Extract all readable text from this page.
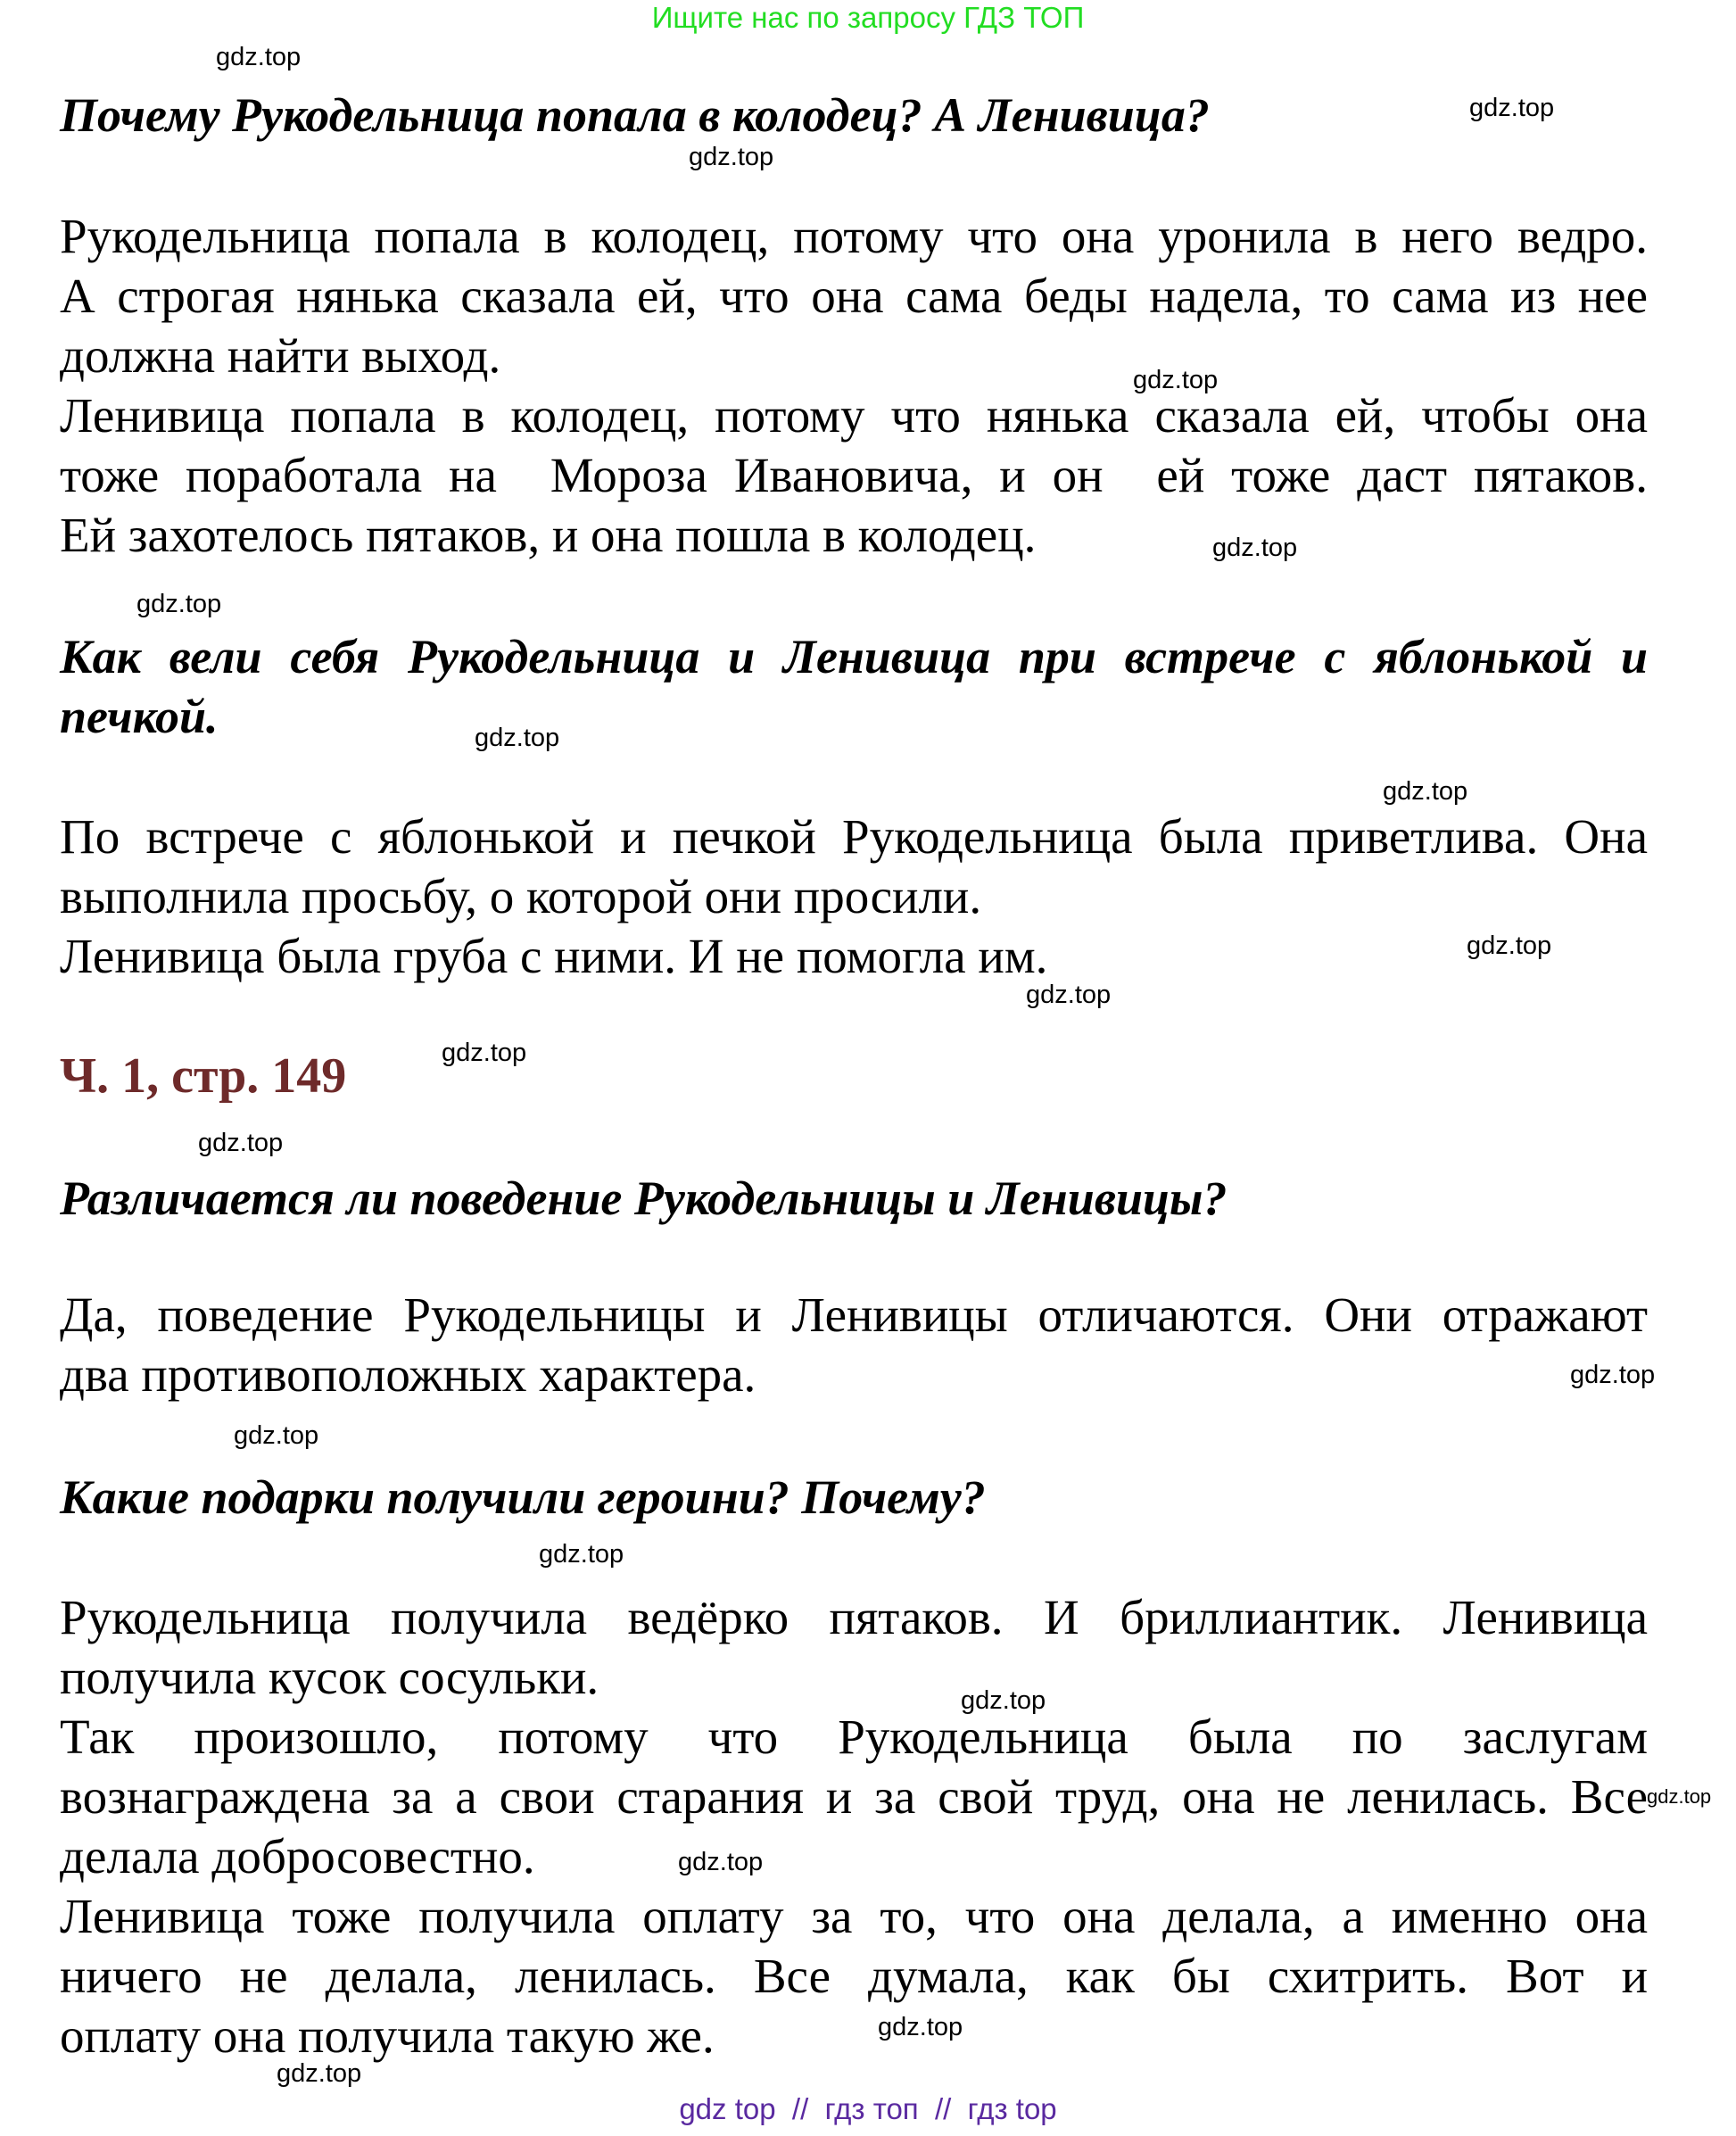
Ищите нас по запросу ГДЗ ТОП
Почему Рукодельница попала в колодец? А Ленивица?
Рукодельница попала в колодец, потому что она уронила в него ведро.
А строгая нянька сказала ей, что она сама беды надела, то сама из нее
должна найти выход.
Ленивица попала в колодец, потому что нянька сказала ей, чтобы она
тоже поработала на  Мороза Ивановича, и он  ей тоже даст пятаков.
Ей захотелось пятаков, и она пошла в колодец.
Как вели себя Рукодельница и Ленивица при встрече с яблонькой и
печкой.
По встрече с яблонькой и печкой Рукодельница была приветлива. Она
выполнила просьбу, о которой они просили.
Ленивица была груба с ними. И не помогла им.
Ч. 1, стр. 149
Различается ли поведение Рукодельницы и Ленивицы?
Да, поведение Рукодельницы и Ленивицы отличаются. Они отражают
два противоположных характера.
Какие подарки получили героини? Почему?
Рукодельница получила ведёрко пятаков. И бриллиантик. Ленивица
получила кусок сосульки.
Так произошло, потому что Рукодельница была по заслугам
вознаграждена за а свои старания и за свой труд, она не ленилась. Все
делала добросовестно.
Ленивица тоже получила оплату за то, что она делала, а именно она
ничего не делала, ленилась. Все думала, как бы схитрить. Вот и
оплату она получила такую же.
gdz.top
gdz.top
gdz.top
gdz.top
gdz.top
gdz.top
gdz.top
gdz.top
gdz.top
gdz.top
gdz.top
gdz.top
gdz.top
gdz.top
gdz.top
gdz.top
gdz.top
gdz.top
gdz.top
gdz.top
gdz top  //  гдз топ  //  гдз top
